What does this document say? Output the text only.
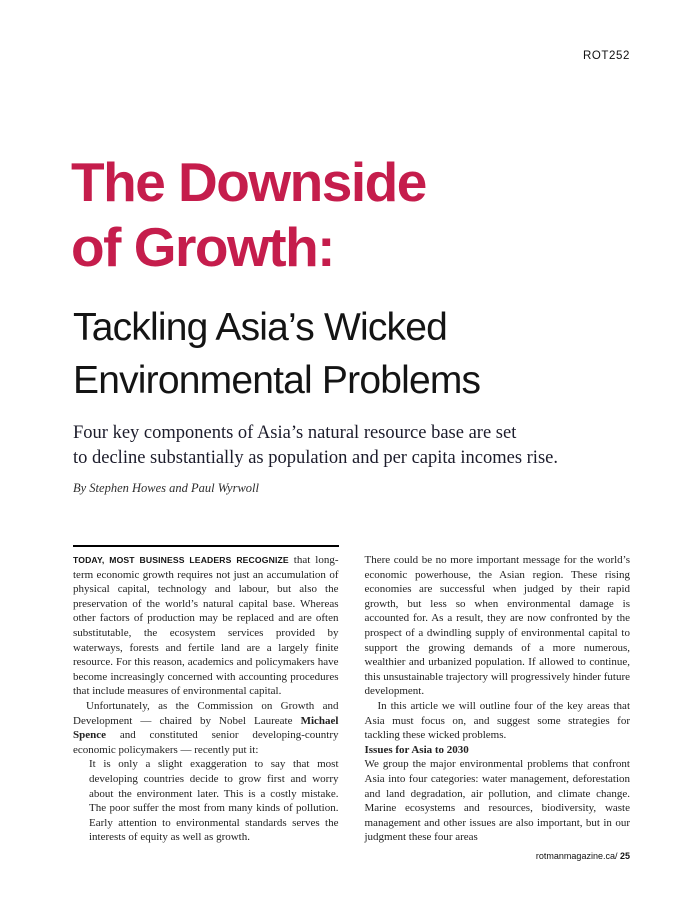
ROT252
The Downside
of Growth:
Tackling Asia’s Wicked
Environmental Problems
Four key components of Asia’s natural resource base are set
to decline substantially as population and per capita incomes rise.
By Stephen Howes and Paul Wyrwoll

TODAY, MOST BUSINESS LEADERS RECOGNIZE that long-term economic growth requires not just an accumulation of physical capital, technology and labour, but also the preservation of the world’s natural capital base. Whereas other factors of production may be replaced and are often substitutable, the ecosystem services provided by waterways, forests and fertile land are a largely finite resource. For this reason, academics and policymakers have become increasingly concerned with accounting procedures that include measures of environmental capital.

Unfortunately, as the Commission on Growth and Development — chaired by Nobel Laureate Michael Spence and constituted senior developing-country economic policymakers — recently put it:

It is only a slight exaggeration to say that most developing countries decide to grow first and worry about the environment later. This is a costly mistake. The poor suffer the most from many kinds of pollution. Early attention to environmental standards serves the interests of equity as well as growth.

There could be no more important message for the world’s economic powerhouse, the Asian region. These rising economies are successful when judged by their rapid growth, but less so when environmental damage is accounted for. As a result, they are now confronted by the prospect of a dwindling supply of environmental capital to support the growing demands of a more numerous, wealthier and urbanized population. If allowed to continue, this unsustainable trajectory will progressively hinder future development.

In this article we will outline four of the key areas that Asia must focus on, and suggest some strategies for tackling these wicked problems.

Issues for Asia to 2030

We group the major environmental problems that confront Asia into four categories: water management, deforestation and land degradation, air pollution, and climate change. Marine ecosystems and resources, biodiversity, waste management and other issues are also important, but in our judgment these four areas

rotmanmagazine.ca/ 25
